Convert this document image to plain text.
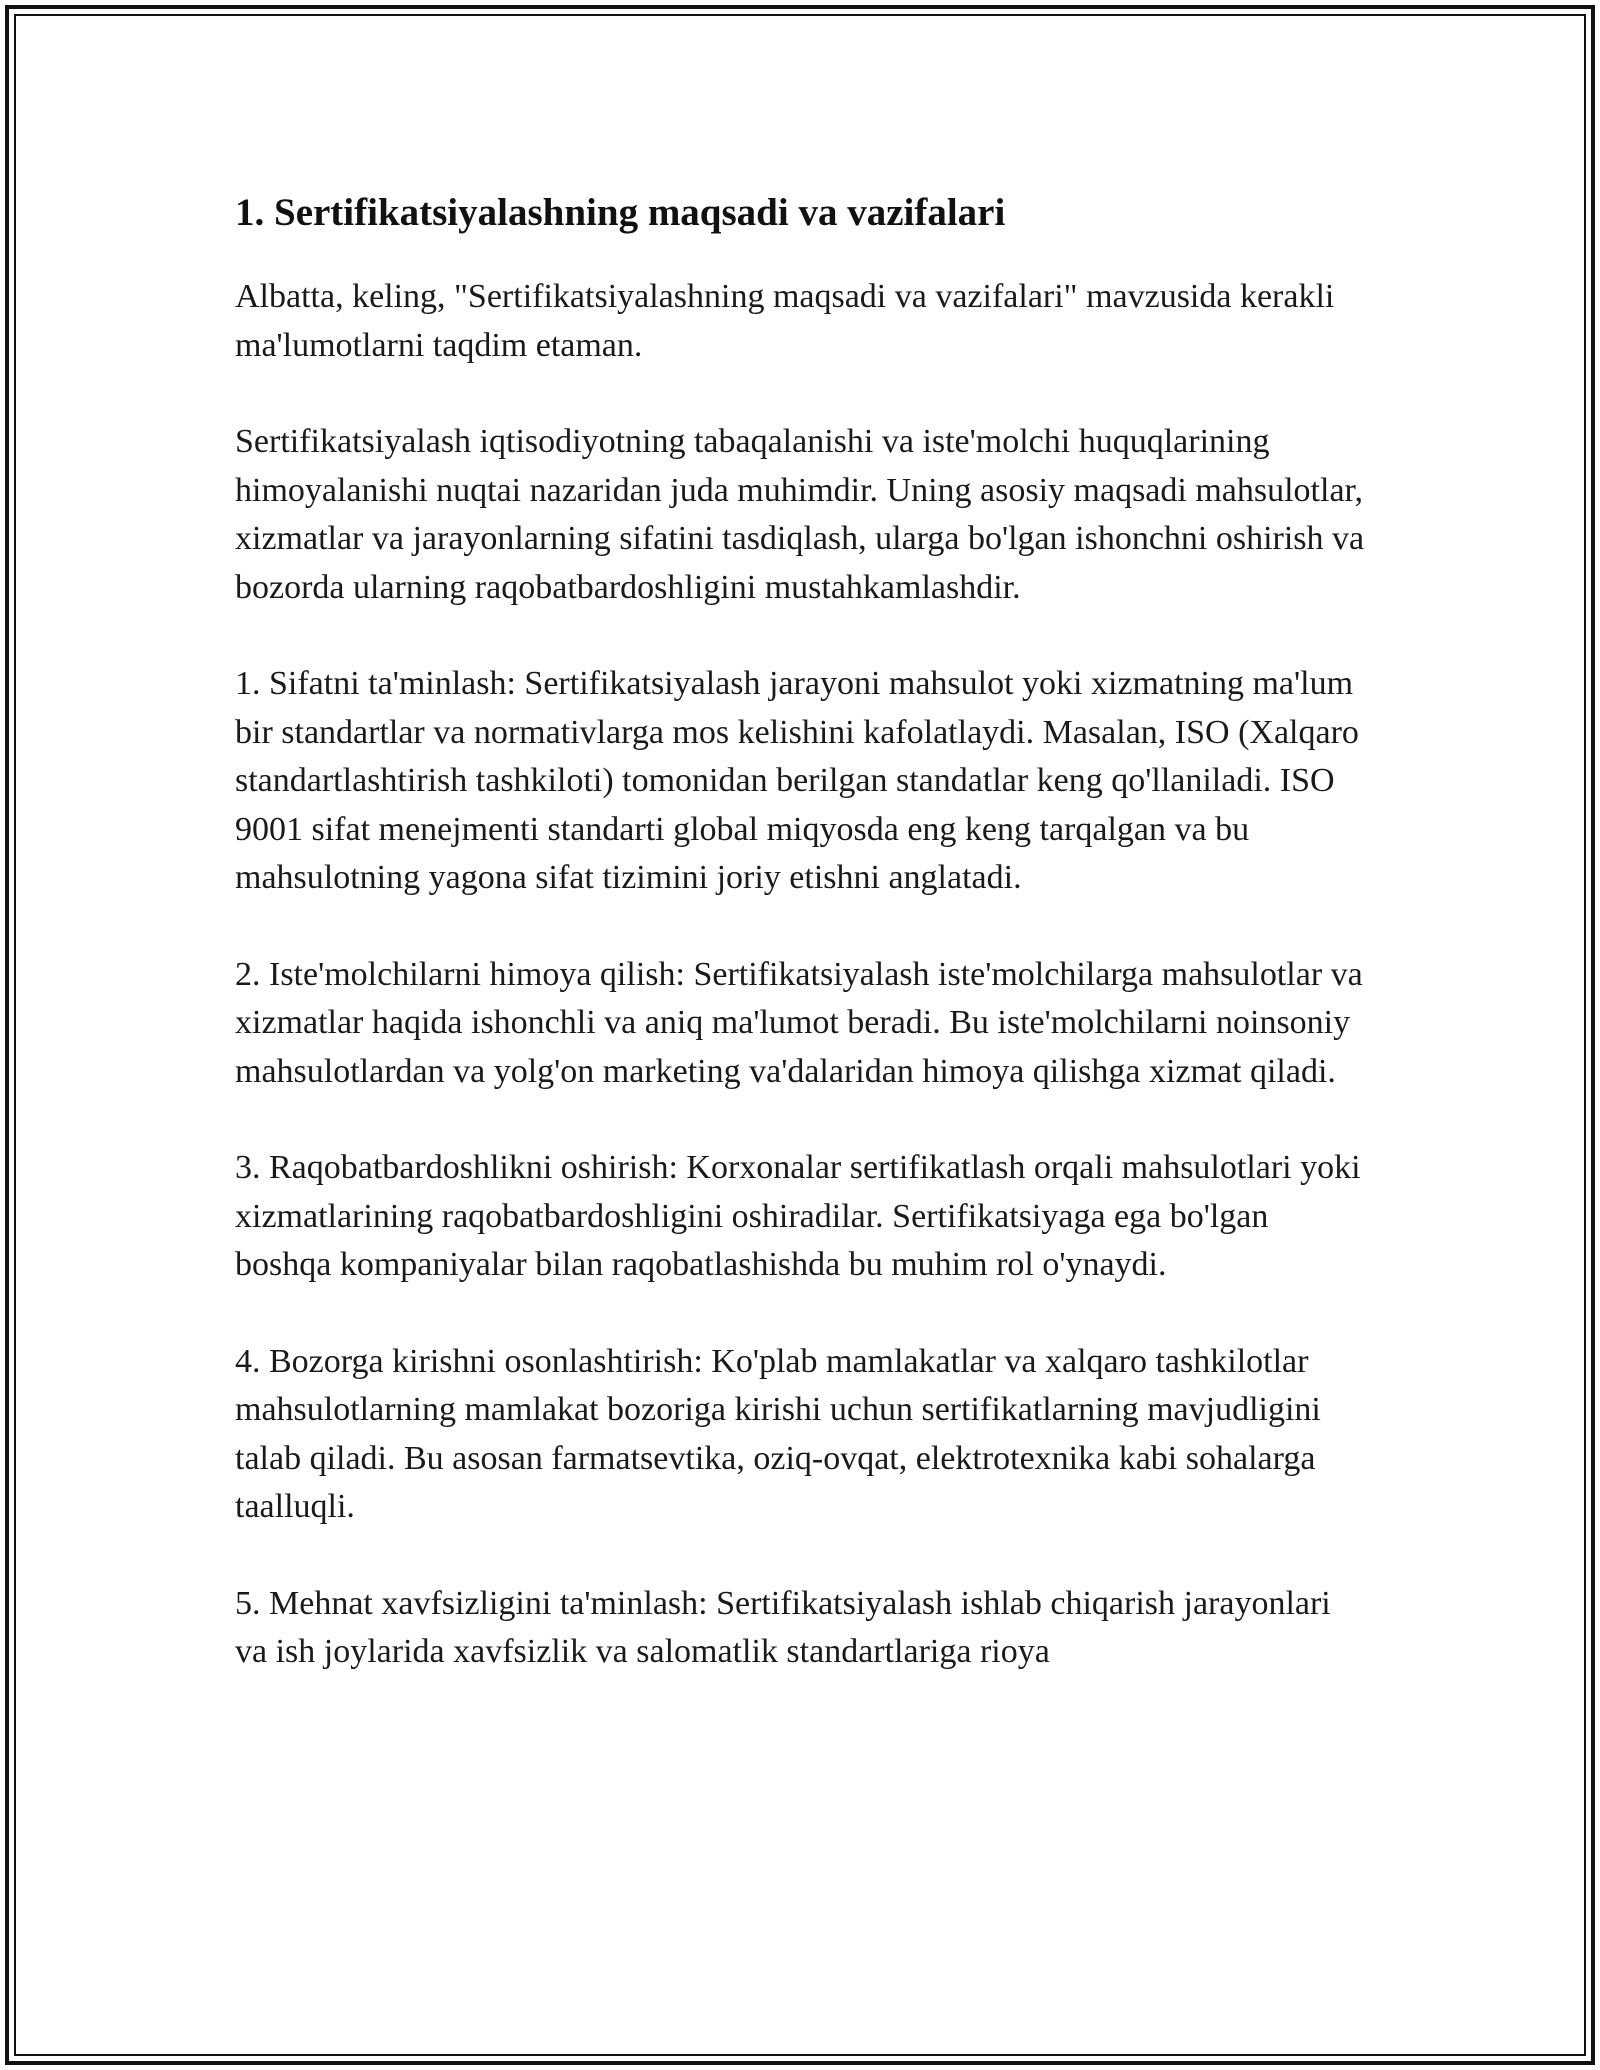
1. Sertifikatsiyalashning maqsadi va vazifalari

Albatta, keling, "Sertifikatsiyalashning maqsadi va vazifalari" mavzusida kerakli ma'lumotlarni taqdim etaman.

Sertifikatsiyalash iqtisodiyotning tabaqalanishi va iste'molchi huquqlarining himoyalanishi nuqtai nazaridan juda muhimdir. Uning asosiy maqsadi mahsulotlar, xizmatlar va jarayonlarning sifatini tasdiqlash, ularga bo'lgan ishonchni oshirish va bozorda ularning raqobatbardoshligini mustahkamlashdir.

1. Sifatni ta'minlash: Sertifikatsiyalash jarayoni mahsulot yoki xizmatning ma'lum bir standartlar va normativlarga mos kelishini kafolatlaydi. Masalan, ISO (Xalqaro standartlashtirish tashkiloti) tomonidan berilgan standatlar keng qo'llaniladi. ISO 9001 sifat menejmenti standarti global miqyosda eng keng tarqalgan va bu mahsulotning yagona sifat tizimini joriy etishni anglatadi.

2. Iste'molchilarni himoya qilish: Sertifikatsiyalash iste'molchilarga mahsulotlar va xizmatlar haqida ishonchli va aniq ma'lumot beradi. Bu iste'molchilarni noinsoniy mahsulotlardan va yolg'on marketing va'dalaridan himoya qilishga xizmat qiladi.

3. Raqobatbardoshlikni oshirish: Korxonalar sertifikatlash orqali mahsulotlari yoki xizmatlarining raqobatbardoshligini oshiradilar. Sertifikatsiyaga ega bo'lgan boshqa kompaniyalar bilan raqobatlashishda bu muhim rol o'ynaydi.

4. Bozorga kirishni osonlashtirish: Ko'plab mamlakatlar va xalqaro tashkilotlar mahsulotlarning mamlakat bozoriga kirishi uchun sertifikatlarning mavjudligini talab qiladi. Bu asosan farmatsevtika, oziq-ovqat, elektrotexnika kabi sohalarga taalluqli.

5. Mehnat xavfsizligini ta'minlash: Sertifikatsiyalash ishlab chiqarish jarayonlari va ish joylarida xavfsizlik va salomatlik standartlariga rioya
